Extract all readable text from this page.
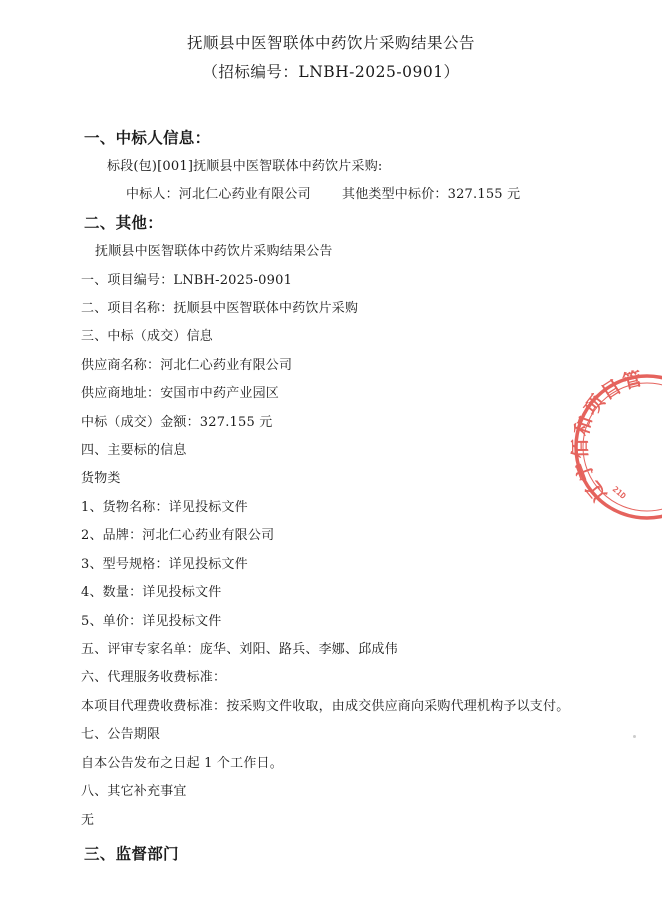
抚顺县中医智联体中药饮片采购结果公告
（招标编号：LNBH-2025-0901）
一、中标人信息：
标段(包)[001]抚顺县中医智联体中药饮片采购:
中标人：河北仁心药业有限公司 其他类型中标价：327.155 元
二、其他：
抚顺县中医智联体中药饮片采购结果公告
一、项目编号：LNBH-2025-0901
二、项目名称：抚顺县中医智联体中药饮片采购
三、中标（成交）信息
供应商名称：河北仁心药业有限公司
供应商地址：安国市中药产业园区
中标（成交）金额：327.155 元
四、主要标的信息
货物类
1、货物名称：详见投标文件
2、品牌：河北仁心药业有限公司
3、型号规格：详见投标文件
4、数量：详见投标文件
5、单价：详见投标文件
五、评审专家名单：庞华、刘阳、路兵、李娜、邱成伟
六、代理服务收费标准：
本项目代理费收费标准：按采购文件收取，由成交供应商向采购代理机构予以支付。
七、公告期限
自本公告发布之日起 1 个工作日。
八、其它补充事宜
无
三、监督部门
辽宁佰和项目管
21D
